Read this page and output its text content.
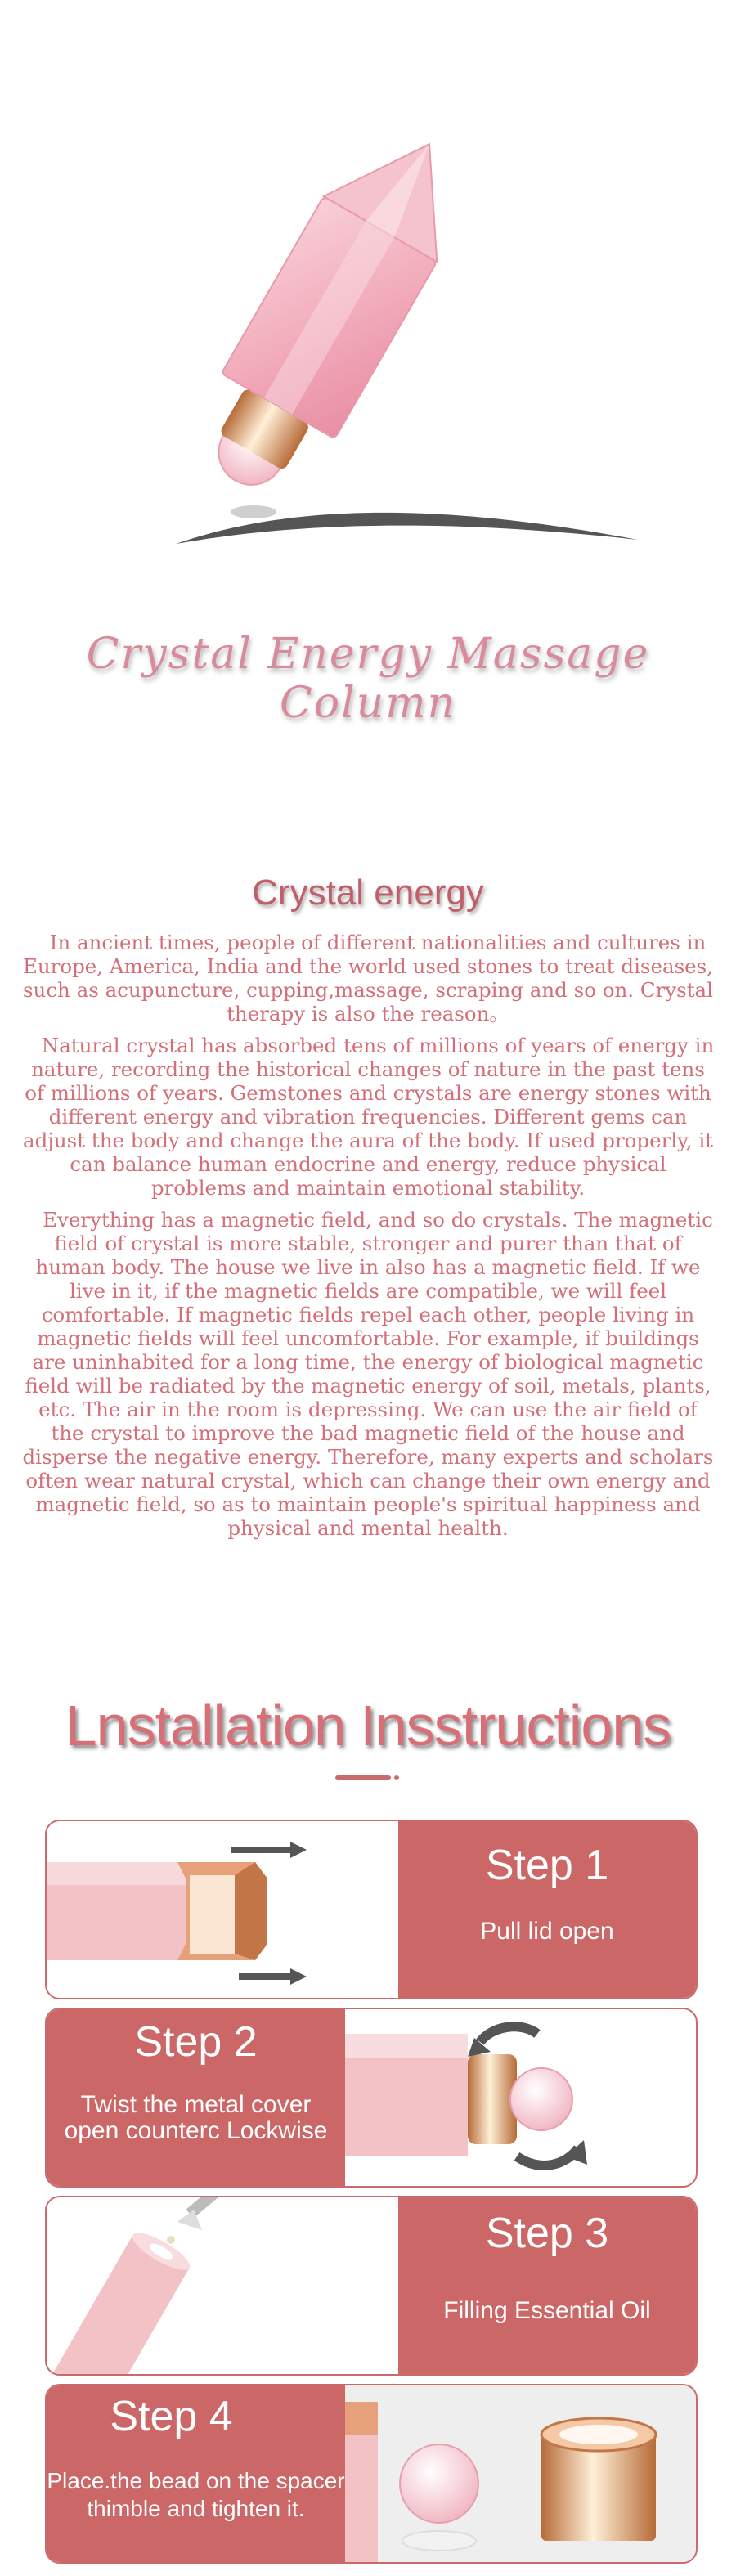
Crystal Energy Massage Column
Crystal energy

In ancient times, people of different nationalities and cultures in Europe, America, India and the world used stones to treat diseases, such as acupuncture, cupping,massage, scraping and so on. Crystal therapy is also the reason。

Natural crystal has absorbed tens of millions of years of energy in nature, recording the historical changes of nature in the past tens of millions of years. Gemstones and crystals are energy stones with different energy and vibration frequencies. Different gems can adjust the body and change the aura of the body. If used properly, it can balance human endocrine and energy, reduce physical problems and maintain emotional stability.

Everything has a magnetic field, and so do crystals. The magnetic field of crystal is more stable, stronger and purer than that of human body. The house we live in also has a magnetic field. If we live in it, if the magnetic fields are compatible, we will feel comfortable. If magnetic fields repel each other, people living in magnetic fields will feel uncomfortable. For example, if buildings are uninhabited for a long time, the energy of biological magnetic field will be radiated by the magnetic energy of soil, metals, plants, etc. The air in the room is depressing. We can use the air field of the crystal to improve the bad magnetic field of the house and disperse the negative energy. Therefore, many experts and scholars often wear natural crystal, which can change their own energy and magnetic field, so as to maintain people's spiritual happiness and physical and mental health.

Lnstallation Insstructions
Step 1
Pull lid open
Step 2
Twist the metal cover
open counterc Lockwise
Step 3
Filling Essential Oil
Step 4
Place.the bead on the spacer
thimble and tighten it.
